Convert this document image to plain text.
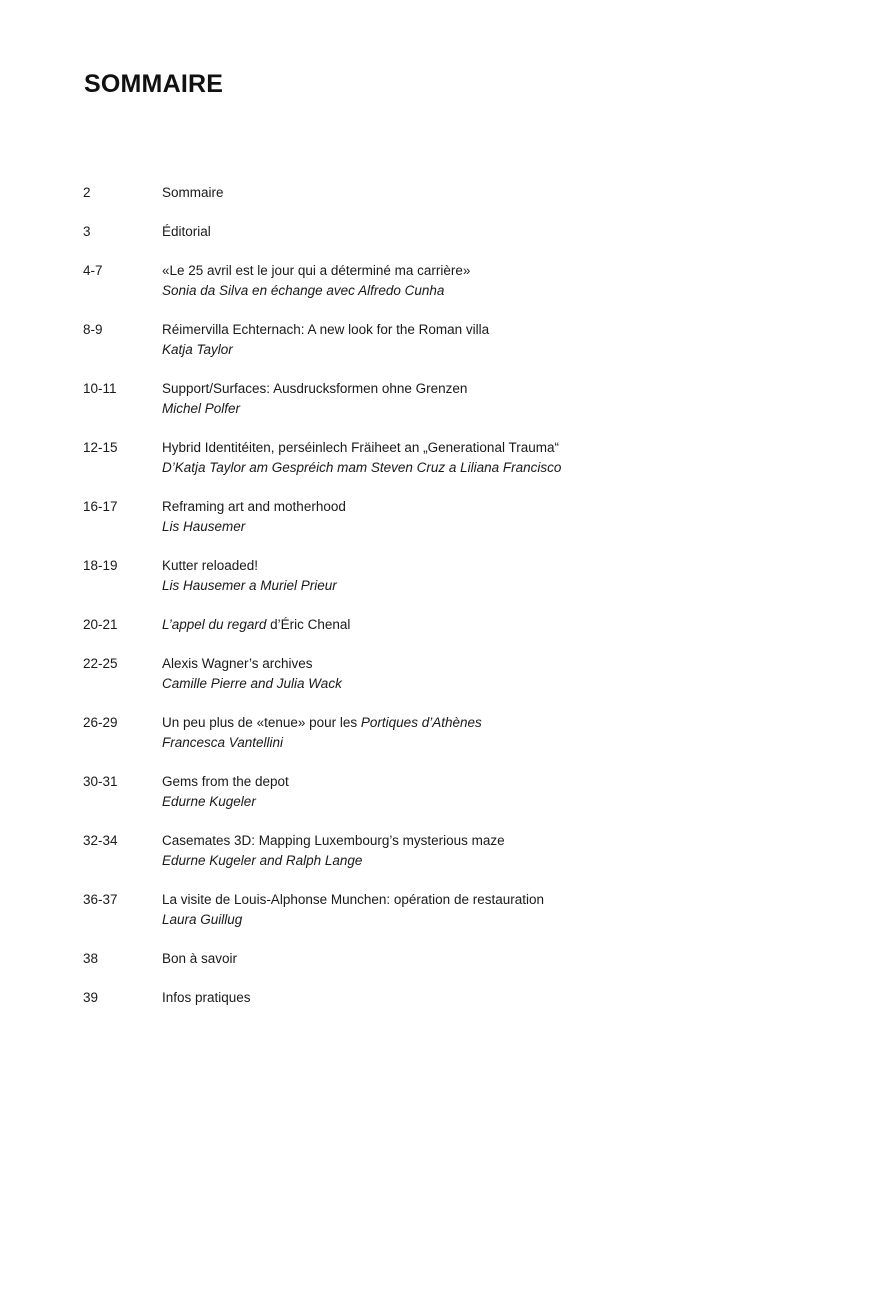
SOMMAIRE
2	Sommaire
3	Éditorial
4-7	«Le 25 avril est le jour qui a déterminé ma carrière»
Sonia da Silva en échange avec Alfredo Cunha
8-9	Réimervilla Echternach: A new look for the Roman villa
Katja Taylor
10-11	Support/Surfaces: Ausdrucksformen ohne Grenzen
Michel Polfer
12-15	Hybrid Identitéiten, perséinlech Fräiheet an „Generational Trauma“
D’Katja Taylor am Gespréich mam Steven Cruz a Liliana Francisco
16-17	Reframing art and motherhood
Lis Hausemer
18-19	Kutter reloaded!
Lis Hausemer a Muriel Prieur
20-21	L’appel du regard d’Éric Chenal
22-25	Alexis Wagner’s archives
Camille Pierre and Julia Wack
26-29	Un peu plus de «tenue» pour les Portiques d’Athènes
Francesca Vantellini
30-31	Gems from the depot
Edurne Kugeler
32-34	Casemates 3D: Mapping Luxembourg’s mysterious maze
Edurne Kugeler and Ralph Lange
36-37	La visite de Louis-Alphonse Munchen: opération de restauration
Laura Guillug
38	Bon à savoir
39	Infos pratiques
